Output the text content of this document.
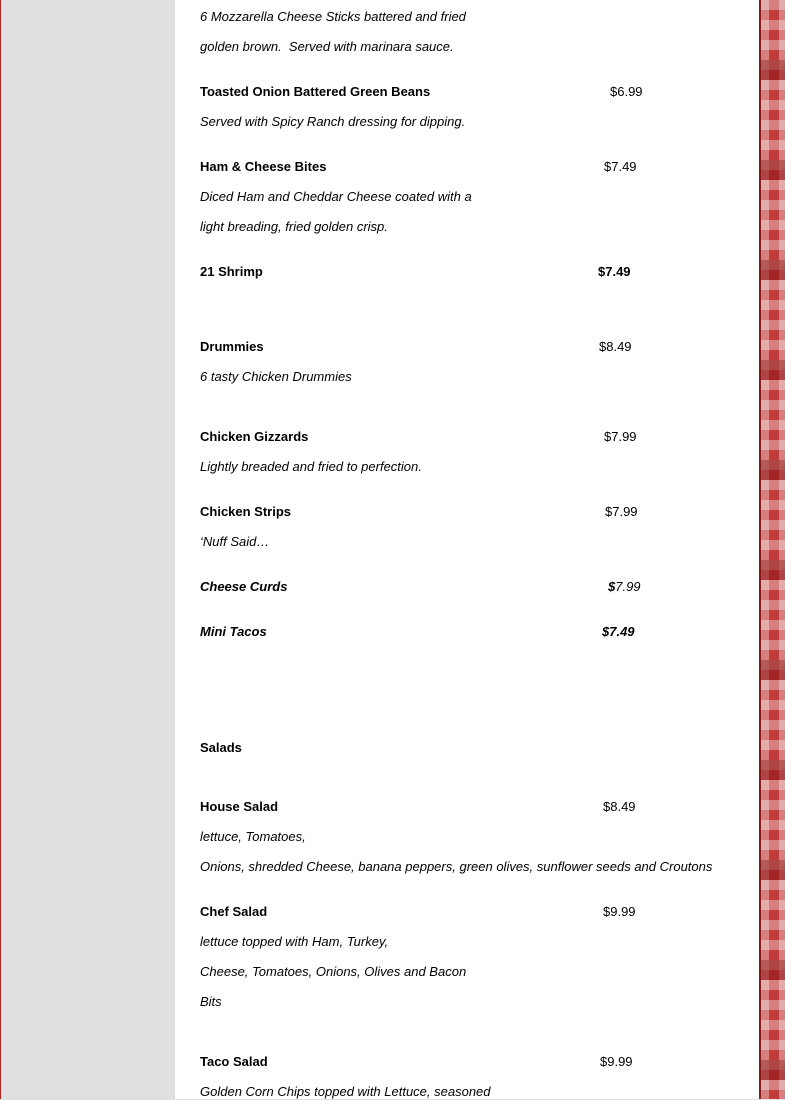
6 Mozzarella Cheese Sticks battered and fried
golden brown.  Served with marinara sauce.
Toasted Onion Battered Green Beans	$6.99
Served with Spicy Ranch dressing for dipping.
Ham & Cheese Bites	$7.49
Diced Ham and Cheddar Cheese coated with a
light breading, fried golden crisp.
21 Shrimp	$7.49
Drummies	$8.49
6 tasty Chicken Drummies
Chicken Gizzards	$7.99
Lightly breaded and fried to perfection.
Chicken Strips	$7.99
‘Nuff Said…
Cheese Curds	$7.99
Mini Tacos	$7.49
Salads
House Salad	$8.49
lettuce, Tomatoes,
Onions, shredded Cheese, banana peppers, green olives, sunflower seeds and Croutons
Chef Salad	$9.99
lettuce topped with Ham, Turkey,
Cheese, Tomatoes, Onions, Olives and Bacon
Bits
Taco Salad	$9.99
Golden Corn Chips topped with Lettuce, seasoned
